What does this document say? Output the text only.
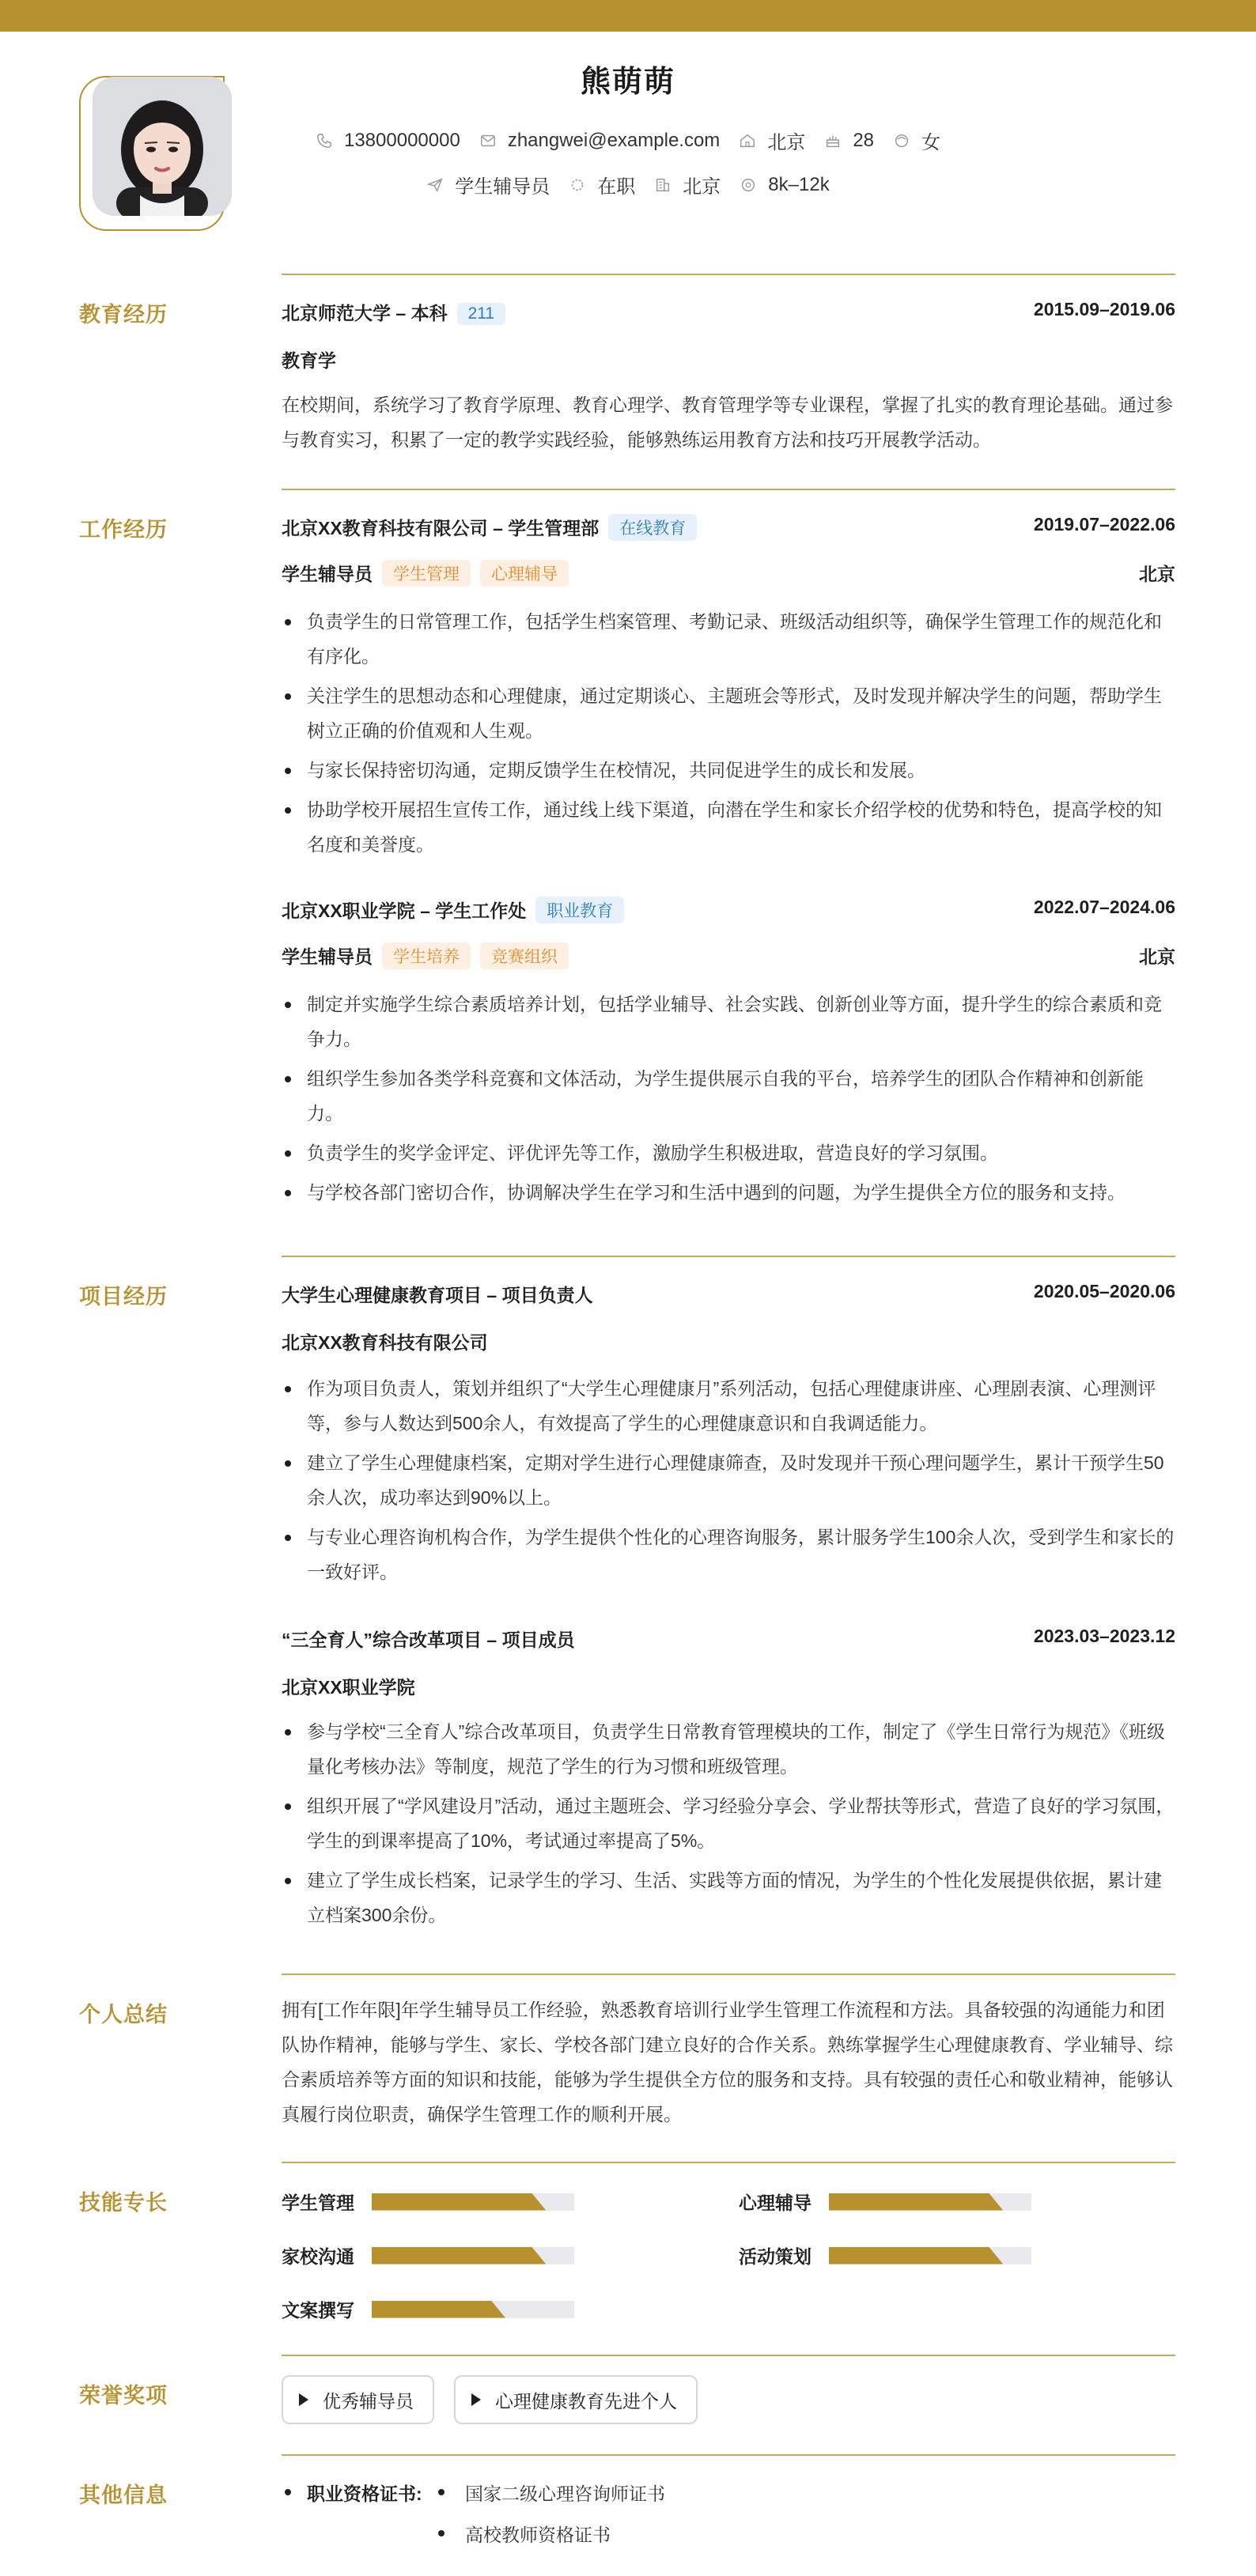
熊萌萌
13800000000	zhangwei@example.com	北京	28	女
学生辅导员	在职	北京	8k–12k
教育经历	北京师范大学 – 本科 211	2015.09–2019.06
教育学
在校期间，系统学习了教育学原理、教育心理学、教育管理学等专业课程，掌握了扎实的教育理论基础。通过参与教育实习，积累了一定的教学实践经验，能够熟练运用教育方法和技巧开展教学活动。
工作经历	北京XX教育科技有限公司 – 学生管理部 在线教育	2019.07–2022.06
学生辅导员 学生管理 心理辅导	北京
负责学生的日常管理工作，包括学生档案管理、考勤记录、班级活动组织等，确保学生管理工作的规范化和有序化。
关注学生的思想动态和心理健康，通过定期谈心、主题班会等形式，及时发现并解决学生的问题，帮助学生树立正确的价值观和人生观。
与家长保持密切沟通，定期反馈学生在校情况，共同促进学生的成长和发展。
协助学校开展招生宣传工作，通过线上线下渠道，向潜在学生和家长介绍学校的优势和特色，提高学校的知名度和美誉度。
北京XX职业学院 – 学生工作处 职业教育	2022.07–2024.06
学生辅导员 学生培养 竞赛组织	北京
制定并实施学生综合素质培养计划，包括学业辅导、社会实践、创新创业等方面，提升学生的综合素质和竞争力。
组织学生参加各类学科竞赛和文体活动，为学生提供展示自我的平台，培养学生的团队合作精神和创新能力。
负责学生的奖学金评定、评优评先等工作，激励学生积极进取，营造良好的学习氛围。
与学校各部门密切合作，协调解决学生在学习和生活中遇到的问题，为学生提供全方位的服务和支持。
项目经历	大学生心理健康教育项目 – 项目负责人	2020.05–2020.06
北京XX教育科技有限公司
作为项目负责人，策划并组织了“大学生心理健康月”系列活动，包括心理健康讲座、心理剧表演、心理测评等，参与人数达到500余人，有效提高了学生的心理健康意识和自我调适能力。
建立了学生心理健康档案，定期对学生进行心理健康筛查，及时发现并干预心理问题学生，累计干预学生50余人次，成功率达到90%以上。
与专业心理咨询机构合作，为学生提供个性化的心理咨询服务，累计服务学生100余人次，受到学生和家长的一致好评。
“三全育人”综合改革项目 – 项目成员	2023.03–2023.12
北京XX职业学院
参与学校“三全育人”综合改革项目，负责学生日常教育管理模块的工作，制定了《学生日常行为规范》《班级量化考核办法》等制度，规范了学生的行为习惯和班级管理。
组织开展了“学风建设月”活动，通过主题班会、学习经验分享会、学业帮扶等形式，营造了良好的学习氛围，学生的到课率提高了10%，考试通过率提高了5%。
建立了学生成长档案，记录学生的学习、生活、实践等方面的情况，为学生的个性化发展提供依据，累计建立档案300余份。
个人总结	拥有[工作年限]年学生辅导员工作经验，熟悉教育培训行业学生管理工作流程和方法。具备较强的沟通能力和团队协作精神，能够与学生、家长、学校各部门建立良好的合作关系。熟练掌握学生心理健康教育、学业辅导、综合素质培养等方面的知识和技能，能够为学生提供全方位的服务和支持。具有较强的责任心和敬业精神，能够认真履行岗位职责，确保学生管理工作的顺利开展。
技能专长	学生管理	心理辅导
家校沟通	活动策划
文案撰写
荣誉奖项	优秀辅导员	心理健康教育先进个人
其他信息	职业资格证书: 国家二级心理咨询师证书
高校教师资格证书
